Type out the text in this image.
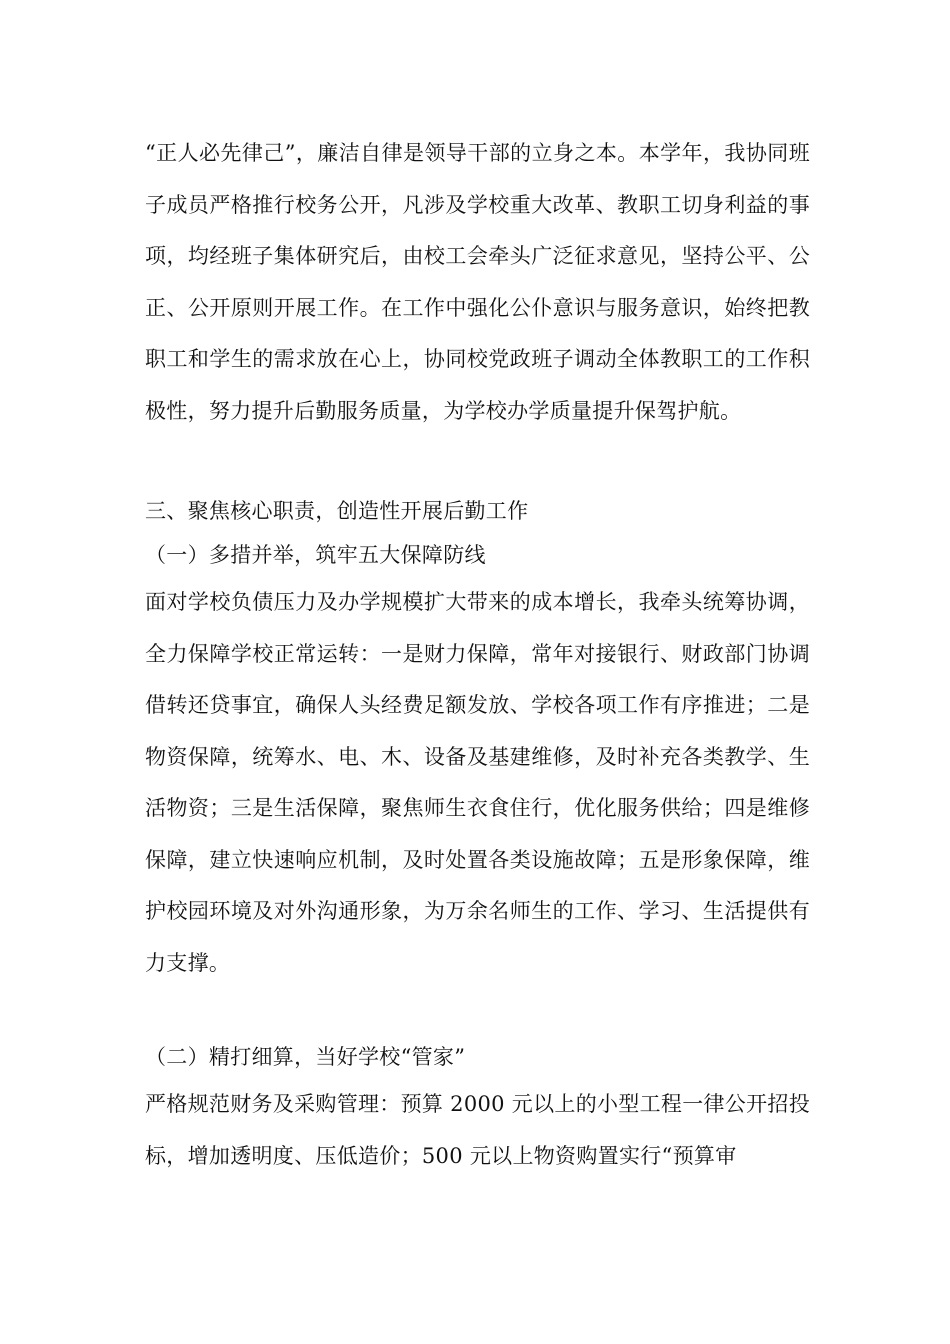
“正人必先律己”，廉洁自律是领导干部的立身之本。本学年，我协同班子成员严格推行校务公开，凡涉及学校重大改革、教职工切身利益的事项，均经班子集体研究后，由校工会牵头广泛征求意见，坚持公平、公正、公开原则开展工作。在工作中强化公仆意识与服务意识，始终把教职工和学生的需求放在心上，协同校党政班子调动全体教职工的工作积极性，努力提升后勤服务质量，为学校办学质量提升保驾护航。

三、聚焦核心职责，创造性开展后勤工作

（一）多措并举，筑牢五大保障防线

面对学校负债压力及办学规模扩大带来的成本增长，我牵头统筹协调，全力保障学校正常运转：一是财力保障，常年对接银行、财政部门协调借转还贷事宜，确保人头经费足额发放、学校各项工作有序推进；二是物资保障，统筹水、电、木、设备及基建维修，及时补充各类教学、生活物资；三是生活保障，聚焦师生衣食住行，优化服务供给；四是维修保障，建立快速响应机制，及时处置各类设施故障；五是形象保障，维护校园环境及对外沟通形象，为万余名师生的工作、学习、生活提供有力支撑。

（二）精打细算，当好学校“管家”

严格规范财务及采购管理：预算 2000 元以上的小型工程一律公开招投标，增加透明度、压低造价；500 元以上物资购置实行“预算审
